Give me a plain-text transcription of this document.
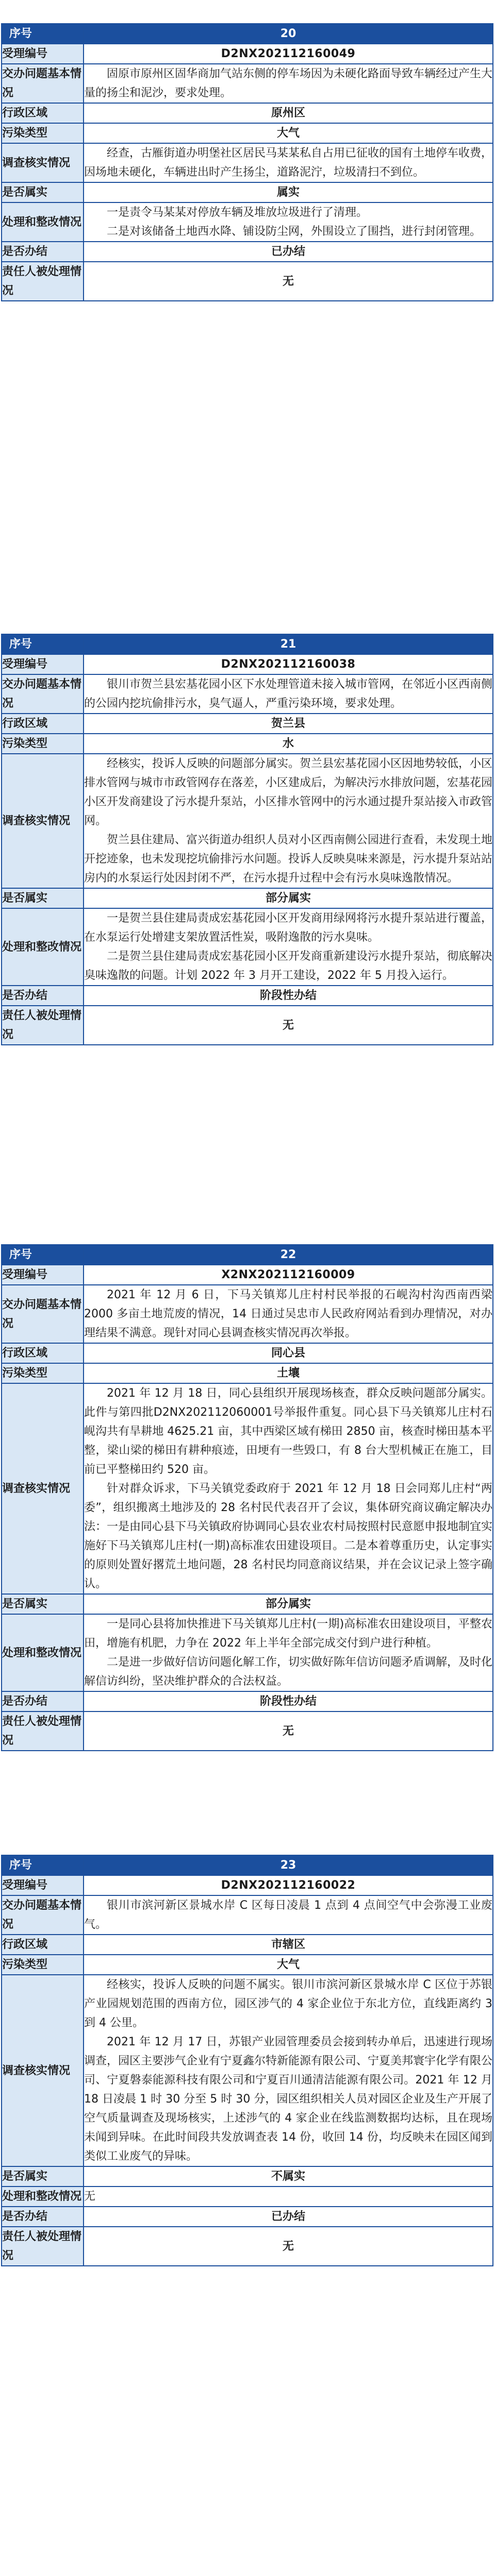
序号	20
受理编号	D2NX202112160049
交办问题基本情况	固原市原州区固华商加气站东侧的停车场因为未硬化路面导致车辆经过产生大量的扬尘和泥沙，要求处理。

行政区域	原州区
污染类型	大气
调查核实情况	经查，古雁街道办明堡社区居民马某某私自占用已征收的国有土地停车收费，因场地未硬化，车辆进出时产生扬尘，道路泥泞，垃圾清扫不到位。

是否属实	属实
处理和整改情况	一是责令马某某对停放车辆及堆放垃圾进行了清理。

二是对该储备土地西水降、铺设防尘网，外围设立了围挡，进行封闭管理。

是否办结	已办结
责任人被处理情况	无
序号	21
受理编号	D2NX202112160038
交办问题基本情况	银川市贺兰县宏基花园小区下水处理管道未接入城市管网，在邻近小区西南侧的公园内挖坑偷排污水，臭气逼人，严重污染环境，要求处理。

行政区域	贺兰县
污染类型	水
调查核实情况	经核实，投诉人反映的问题部分属实。贺兰县宏基花园小区因地势较低，小区排水管网与城市市政管网存在落差，小区建成后，为解决污水排放问题，宏基花园小区开发商建设了污水提升泵站，小区排水管网中的污水通过提升泵站接入市政管网。

贺兰县住建局、富兴街道办组织人员对小区西南侧公园进行查看，未发现土地开挖迹象，也未发现挖坑偷排污水问题。投诉人反映臭味来源是，污水提升泵站站房内的水泵运行处因封闭不严，在污水提升过程中会有污水臭味逸散情况。

是否属实	部分属实
处理和整改情况	一是贺兰县住建局责成宏基花园小区开发商用绿网将污水提升泵站进行覆盖，在水泵运行处增建支架放置活性炭，吸附逸散的污水臭味。

二是贺兰县住建局责成宏基花园小区开发商重新建设污水提升泵站，彻底解决臭味逸散的问题。计划 2022 年 3 月开工建设，2022 年 5 月投入运行。

是否办结	阶段性办结
责任人被处理情况	无
序号	22
受理编号	X2NX202112160009
交办问题基本情况	2021 年 12 月 6 日，下马关镇郑儿庄村村民举报的石岘沟村沟西南西梁 2000 多亩土地荒废的情况，14 日通过吴忠市人民政府网站看到办理情况，对办理结果不满意。现针对同心县调查核实情况再次举报。

行政区域	同心县
污染类型	土壤
调查核实情况	2021 年 12 月 18 日，同心县组织开展现场核查，群众反映问题部分属实。此件与第四批D2NX202112060001号举报件重复。同心县下马关镇郑儿庄村石岘沟共有旱耕地 4625.21 亩，其中西梁区域有梯田 2850 亩，核查时梯田基本平整，梁山梁的梯田有耕种痕迹，田埂有一些毁口，有 8 台大型机械正在施工，目前已平整梯田约 520 亩。

针对群众诉求，下马关镇党委政府于 2021 年 12 月 18 日会同郑儿庄村“两委”，组织搬离土地涉及的 28 名村民代表召开了会议，集体研究商议确定解决办法：一是由同心县下马关镇政府协调同心县农业农村局按照村民意愿申报地制宜实施好下马关镇郑儿庄村(一期)高标准农田建设项目。二是本着尊重历史，认定事实的原则处置好撂荒土地问题，28 名村民均同意商议结果，并在会议记录上签字确认。

是否属实	部分属实
处理和整改情况	一是同心县将加快推进下马关镇郑儿庄村(一期)高标准农田建设项目，平整农田，增施有机肥，力争在 2022 年上半年全部完成交付到户进行种植。

二是进一步做好信访问题化解工作，切实做好陈年信访问题矛盾调解，及时化解信访纠纷，坚决维护群众的合法权益。

是否办结	阶段性办结
责任人被处理情况	无
序号	23
受理编号	D2NX202112160022
交办问题基本情况	银川市滨河新区景城水岸 C 区每日凌晨 1 点到 4 点间空气中会弥漫工业废气。

行政区域	市辖区
污染类型	大气
调查核实情况	经核实，投诉人反映的问题不属实。银川市滨河新区景城水岸 C 区位于苏银产业园规划范围的西南方位，园区涉气的 4 家企业位于东北方位，直线距离约 3 到 4 公里。

2021 年 12 月 17 日，苏银产业园管理委员会接到转办单后，迅速进行现场调查，园区主要涉气企业有宁夏鑫尔特新能源有限公司、宁夏美邦寰宇化学有限公司、宁夏磐泰能源科技有限公司和宁夏百川通清洁能源有限公司。2021 年 12 月 18 日凌晨 1 时 30 分至 5 时 30 分，园区组织相关人员对园区企业及生产开展了空气质量调查及现场核实，上述涉气的 4 家企业在线监测数据均达标，且在现场未闻到异味。在此时间段共发放调查表 14 份，收回 14 份，均反映未在园区闻到类似工业废气的异味。

是否属实	不属实
处理和整改情况	无

是否办结	已办结
责任人被处理情况	无
